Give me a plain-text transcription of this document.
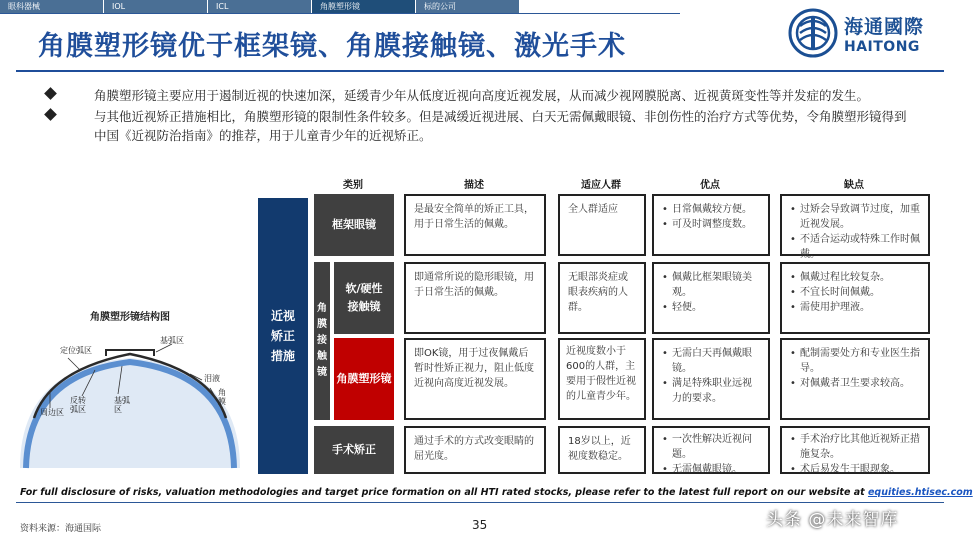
眼科器械	IOL	ICL	角膜塑形镜	标的公司
海通國際
HAITONG
角膜塑形镜优于框架镜、角膜接触镜、激光手术
角膜塑形镜主要应用于遏制近视的快速加深，延缓青少年从低度近视向高度近视发展，从而减少视网膜脱离、近视黄斑变性等并发症的发生。
与其他近视矫正措施相比，角膜塑形镜的限制性条件较多。但是减缓近视进展、白天无需佩戴眼镜、非创伤性的治疗方式等优势，令角膜塑形镜得到中国《近视防治指南》的推荐，用于儿童青少年的近视矫正。
角膜塑形镜结构图
定位弧区
基弧区
反转弧区
基弧区
周边区
泪液
角膜
类别	描述	适应人群	优点	缺点
近视矫正措施
角膜接触镜
框架眼镜
是最安全简单的矫正工具，用于日常生活的佩戴。
全人群适应
•	日常佩戴较方便。
• 可及时调整度数。
• 过矫会导致调节过度，加重近视发展。
• 不适合运动或特殊工作时佩戴。
软/硬性接触镜
即通常所说的隐形眼镜，用于日常生活的佩戴。
无眼部炎症或眼表疾病的人群。
• 佩戴比框架眼镜美观。
• 轻便。
• 佩戴过程比较复杂。
• 不宜长时间佩戴。
• 需使用护理液。
角膜塑形镜
即OK镜，用于过夜佩戴后暂时性矫正视力，阻止低度近视向高度近视发展。
近视度数小于600的人群，主要用于假性近视的儿童青少年。
• 无需白天再佩戴眼镜。
• 满足特殊职业远视力的要求。
• 配制需要处方和专业医生指导。
• 对佩戴者卫生要求较高。
手术矫正
通过手术的方式改变眼睛的屈光度。
18岁以上，近视度数稳定。
• 一次性解决近视问题。
• 无需佩戴眼镜。
• 手术治疗比其他近视矫正措施复杂。
• 术后易发生干眼现象。
For full disclosure of risks, valuation methodologies and target price formation on all HTI rated stocks, please refer to the latest full report on our website at equities.htisec.com
资料来源：海通国际	35	头条 @未来智库
